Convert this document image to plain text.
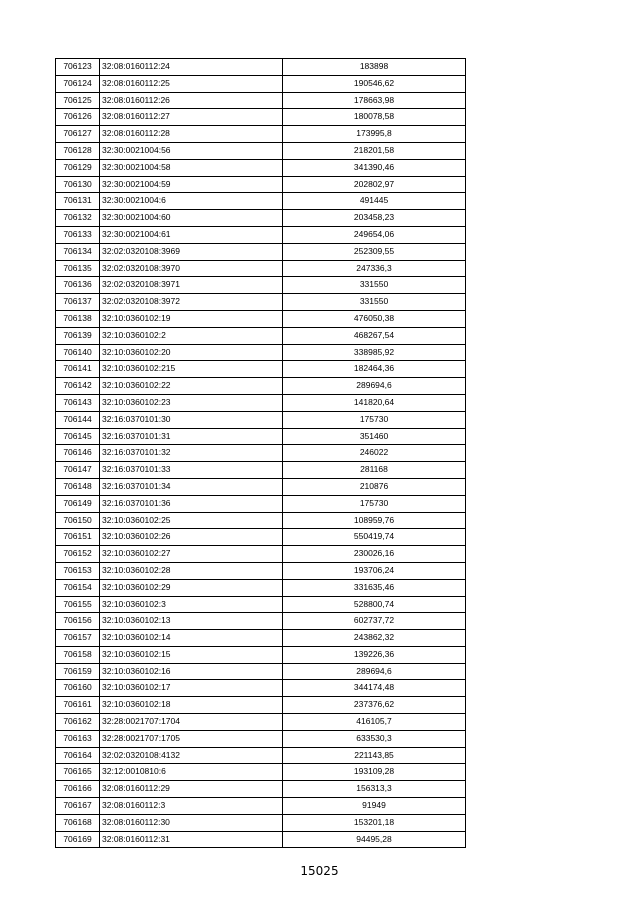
706123	32:08:0160112:24	183898
706124	32:08:0160112:25	190546,62
706125	32:08:0160112:26	178663,98
706126	32:08:0160112:27	180078,58
706127	32:08:0160112:28	173995,8
706128	32:30:0021004:56	218201,58
706129	32:30:0021004:58	341390,46
706130	32:30:0021004:59	202802,97
706131	32:30:0021004:6	491445
706132	32:30:0021004:60	203458,23
706133	32:30:0021004:61	249654,06
706134	32:02:0320108:3969	252309,55
706135	32:02:0320108:3970	247336,3
706136	32:02:0320108:3971	331550
706137	32:02:0320108:3972	331550
706138	32:10:0360102:19	476050,38
706139	32:10:0360102:2	468267,54
706140	32:10:0360102:20	338985,92
706141	32:10:0360102:215	182464,36
706142	32:10:0360102:22	289694,6
706143	32:10:0360102:23	141820,64
706144	32:16:0370101:30	175730
706145	32:16:0370101:31	351460
706146	32:16:0370101:32	246022
706147	32:16:0370101:33	281168
706148	32:16:0370101:34	210876
706149	32:16:0370101:36	175730
706150	32:10:0360102:25	108959,76
706151	32:10:0360102:26	550419,74
706152	32:10:0360102:27	230026,16
706153	32:10:0360102:28	193706,24
706154	32:10:0360102:29	331635,46
706155	32:10:0360102:3	528800,74
706156	32:10:0360102:13	602737,72
706157	32:10:0360102:14	243862,32
706158	32:10:0360102:15	139226,36
706159	32:10:0360102:16	289694,6
706160	32:10:0360102:17	344174,48
706161	32:10:0360102:18	237376,62
706162	32:28:0021707:1704	416105,7
706163	32:28:0021707:1705	633530,3
706164	32:02:0320108:4132	221143,85
706165	32:12:0010810:6	193109,28
706166	32:08:0160112:29	156313,3
706167	32:08:0160112:3	91949
706168	32:08:0160112:30	153201,18
706169	32:08:0160112:31	94495,28
15025
